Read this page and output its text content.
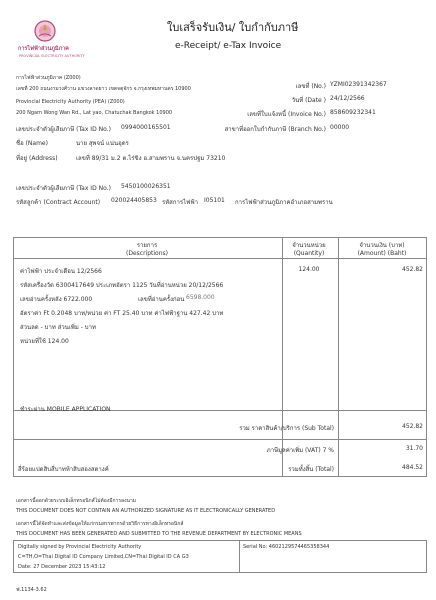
การไฟฟ้าส่วนภูมิภาค
PROVINCIAL ELECTRICITY AUTHORITY
ใบเสร็จรับเงิน/ ใบกำกับภาษี
e-Receipt/ e-Tax Invoice
การไฟฟ้าส่วนภูมิภาค (Z000)
เลขที่ 200 ถนนงามวงศ์วาน แขวงลาดยาว เขตจตุจักร จ.กรุงเทพมหานคร 10900
Provincial Electricity Authority (PEA) (Z000)
200 Ngam Wong Wan Rd., Lat yao, Chatuchak Bangkok 10900
เลขประจำตัวผู้เสียภาษี (Tax ID No.) 0994000165501
เลขที่ (No.) YZMI02391342367
วันที่ (Date ) 24/12/2566
เลขที่ใบแจ้งหนี้ (Invoice No.) 858609232341
สาขาที่ออกใบกำกับภาษี (Branch No.) 00000
ชื่อ (Name)	นาย สุพจน์ แน่นอุดร
ที่อยู่ (Address)	เลขที่ 89/31 ม.2 ต.ไร่ขิง อ.สามพราน จ.นครปฐม 73210
เลขประจำตัวผู้เสียภาษี (Tax ID No.) 5450100026351
รหัสลูกค้า (Contract Account) 020024405853 รหัสการไฟฟ้า I05101 การไฟฟ้าส่วนภูมิภาคอำเภอสามพราน
รายการ
(Descriptions)
จำนวนหน่วย
(Quantity)
จำนวนเงิน (บาท)
(Amount) (Baht)
ค่าไฟฟ้า ประจำเดือน 12/2566
รหัสเครื่องวัด 6300417649 ประเภทอัตรา 1125 วันที่อ่านหน่วย 20/12/2566
เลขอ่านครั้งหลัง 6722.000	เลขที่อ่านครั้งก่อน 6598.000
อัตราค่า Ft 0.2048 บาท/หน่วย ค่า FT 25.40 บาท ค่าไฟฟ้าฐาน 427.42 บาท
ส่วนลด - บาท ส่วนเพิ่ม - บาท
หน่วยที่ใช้ 124.00
124.00	452.82
ชำระผ่าน MOBILE APPLICATION
รวม ราคาสินค้า/บริการ (Sub Total)	452.82
ภาษีมูลค่าเพิ่ม (VAT) 7 %	31.70
สี่ร้อยแปดสิบสี่บาทห้าสิบสองสตางค์	รวมทั้งสิ้น (Total)	484.52
เอกสารนี้ออกด้วยระบบอิเล็กทรอนิกส์ไม่ต้องมีการลงนาม
THIS DOCUMENT DOES NOT CONTAIN AN AUTHORIZED SIGNATURE AS IT ELECTRONICALLY GENERATED
เอกสารนี้ได้จัดทำและส่งข้อมูลให้แก่กรมสรรพากรด้วยวิธีการทางอิเล็กทรอนิกส์
THIS DOCUMENT HAS BEEN GENERATED AND SUBMITTED TO THE REVENUE DEPARTMENT BY ELECTRONIC MEANS
Digitally signed by Provincial Electricity Authority
C=TH,O=Thai Digital ID Company Limited,CN=Thai Digital ID CA G3
Date: 27 December 2023 15:43:12
Serial No: 4602129574465358344
ฟ.1134-3.62
